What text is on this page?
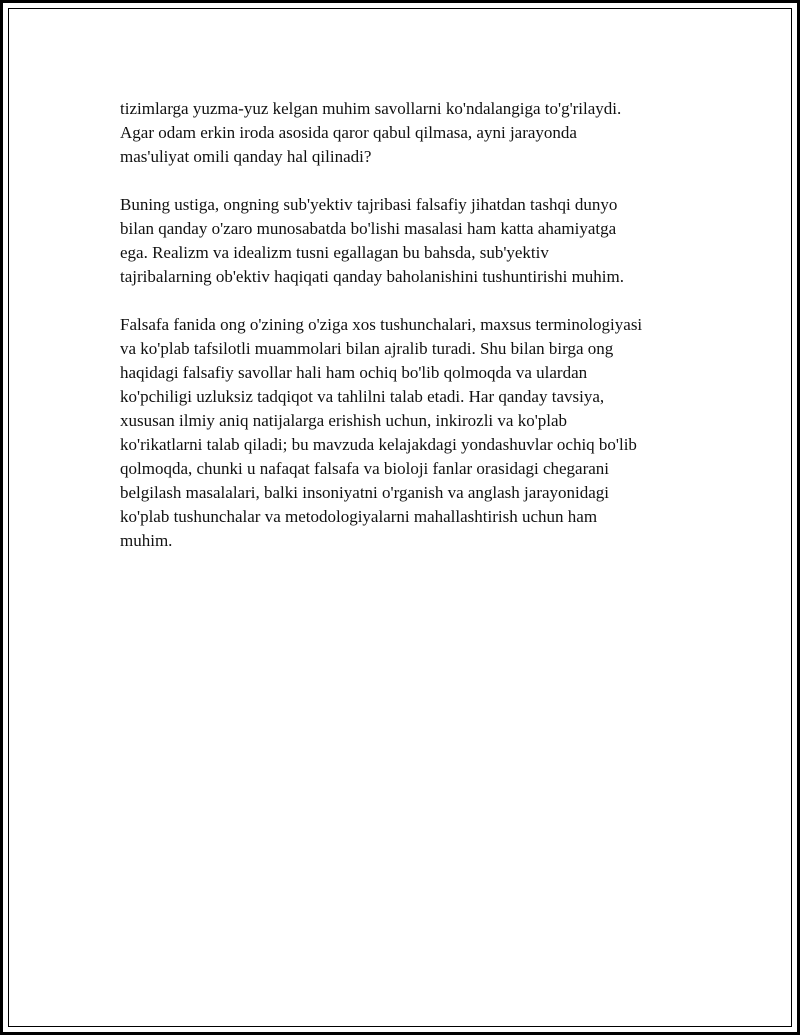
tizimlarga yuzma-yuz kelgan muhim savollarni ko'ndalangiga to'g'rilaydi.
Agar odam erkin iroda asosida qaror qabul qilmasa, ayni jarayonda
mas'uliyat omili qanday hal qilinadi?

Buning ustiga, ongning sub'yektiv tajribasi falsafiy jihatdan tashqi dunyo
bilan qanday o'zaro munosabatda bo'lishi masalasi ham katta ahamiyatga
ega. Realizm va idealizm tusni egallagan bu bahsda, sub'yektiv
tajribalarning ob'ektiv haqiqati qanday baholanishini tushuntirishi muhim.

Falsafa fanida ong o'zining o'ziga xos tushunchalari, maxsus terminologiyasi
va ko'plab tafsilotli muammolari bilan ajralib turadi. Shu bilan birga ong
haqidagi falsafiy savollar hali ham ochiq bo'lib qolmoqda va ulardan
ko'pchiligi uzluksiz tadqiqot va tahlilni talab etadi. Har qanday tavsiya,
xususan ilmiy aniq natijalarga erishish uchun, inkirozli va ko'plab
ko'rikatlarni talab qiladi; bu mavzuda kelajakdagi yondashuvlar ochiq bo'lib
qolmoqda, chunki u nafaqat falsafa va bioloji fanlar orasidagi chegarani
belgilash masalalari, balki insoniyatni o'rganish va anglash jarayonidagi
ko'plab tushunchalar va metodologiyalarni mahallashtirish uchun ham
muhim.
